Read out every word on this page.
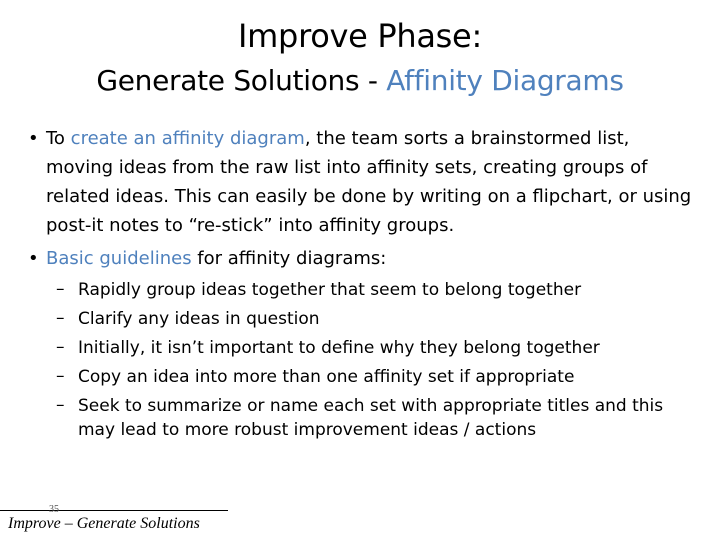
Improve Phase:
Generate Solutions - Affinity Diagrams
• To create an affinity diagram, the team sorts a brainstormed list, moving ideas from the raw list into affinity sets, creating groups of related ideas. This can easily be done by writing on a flipchart, or using post-it notes to “re-stick” into affinity groups.
• Basic guidelines for affinity diagrams:
– Rapidly group ideas together that seem to belong together
– Clarify any ideas in question
– Initially, it isn’t important to define why they belong together
– Copy an idea into more than one affinity set if appropriate
– Seek to summarize or name each set with appropriate titles and this may lead to more robust improvement ideas / actions
35
Improve – Generate Solutions
